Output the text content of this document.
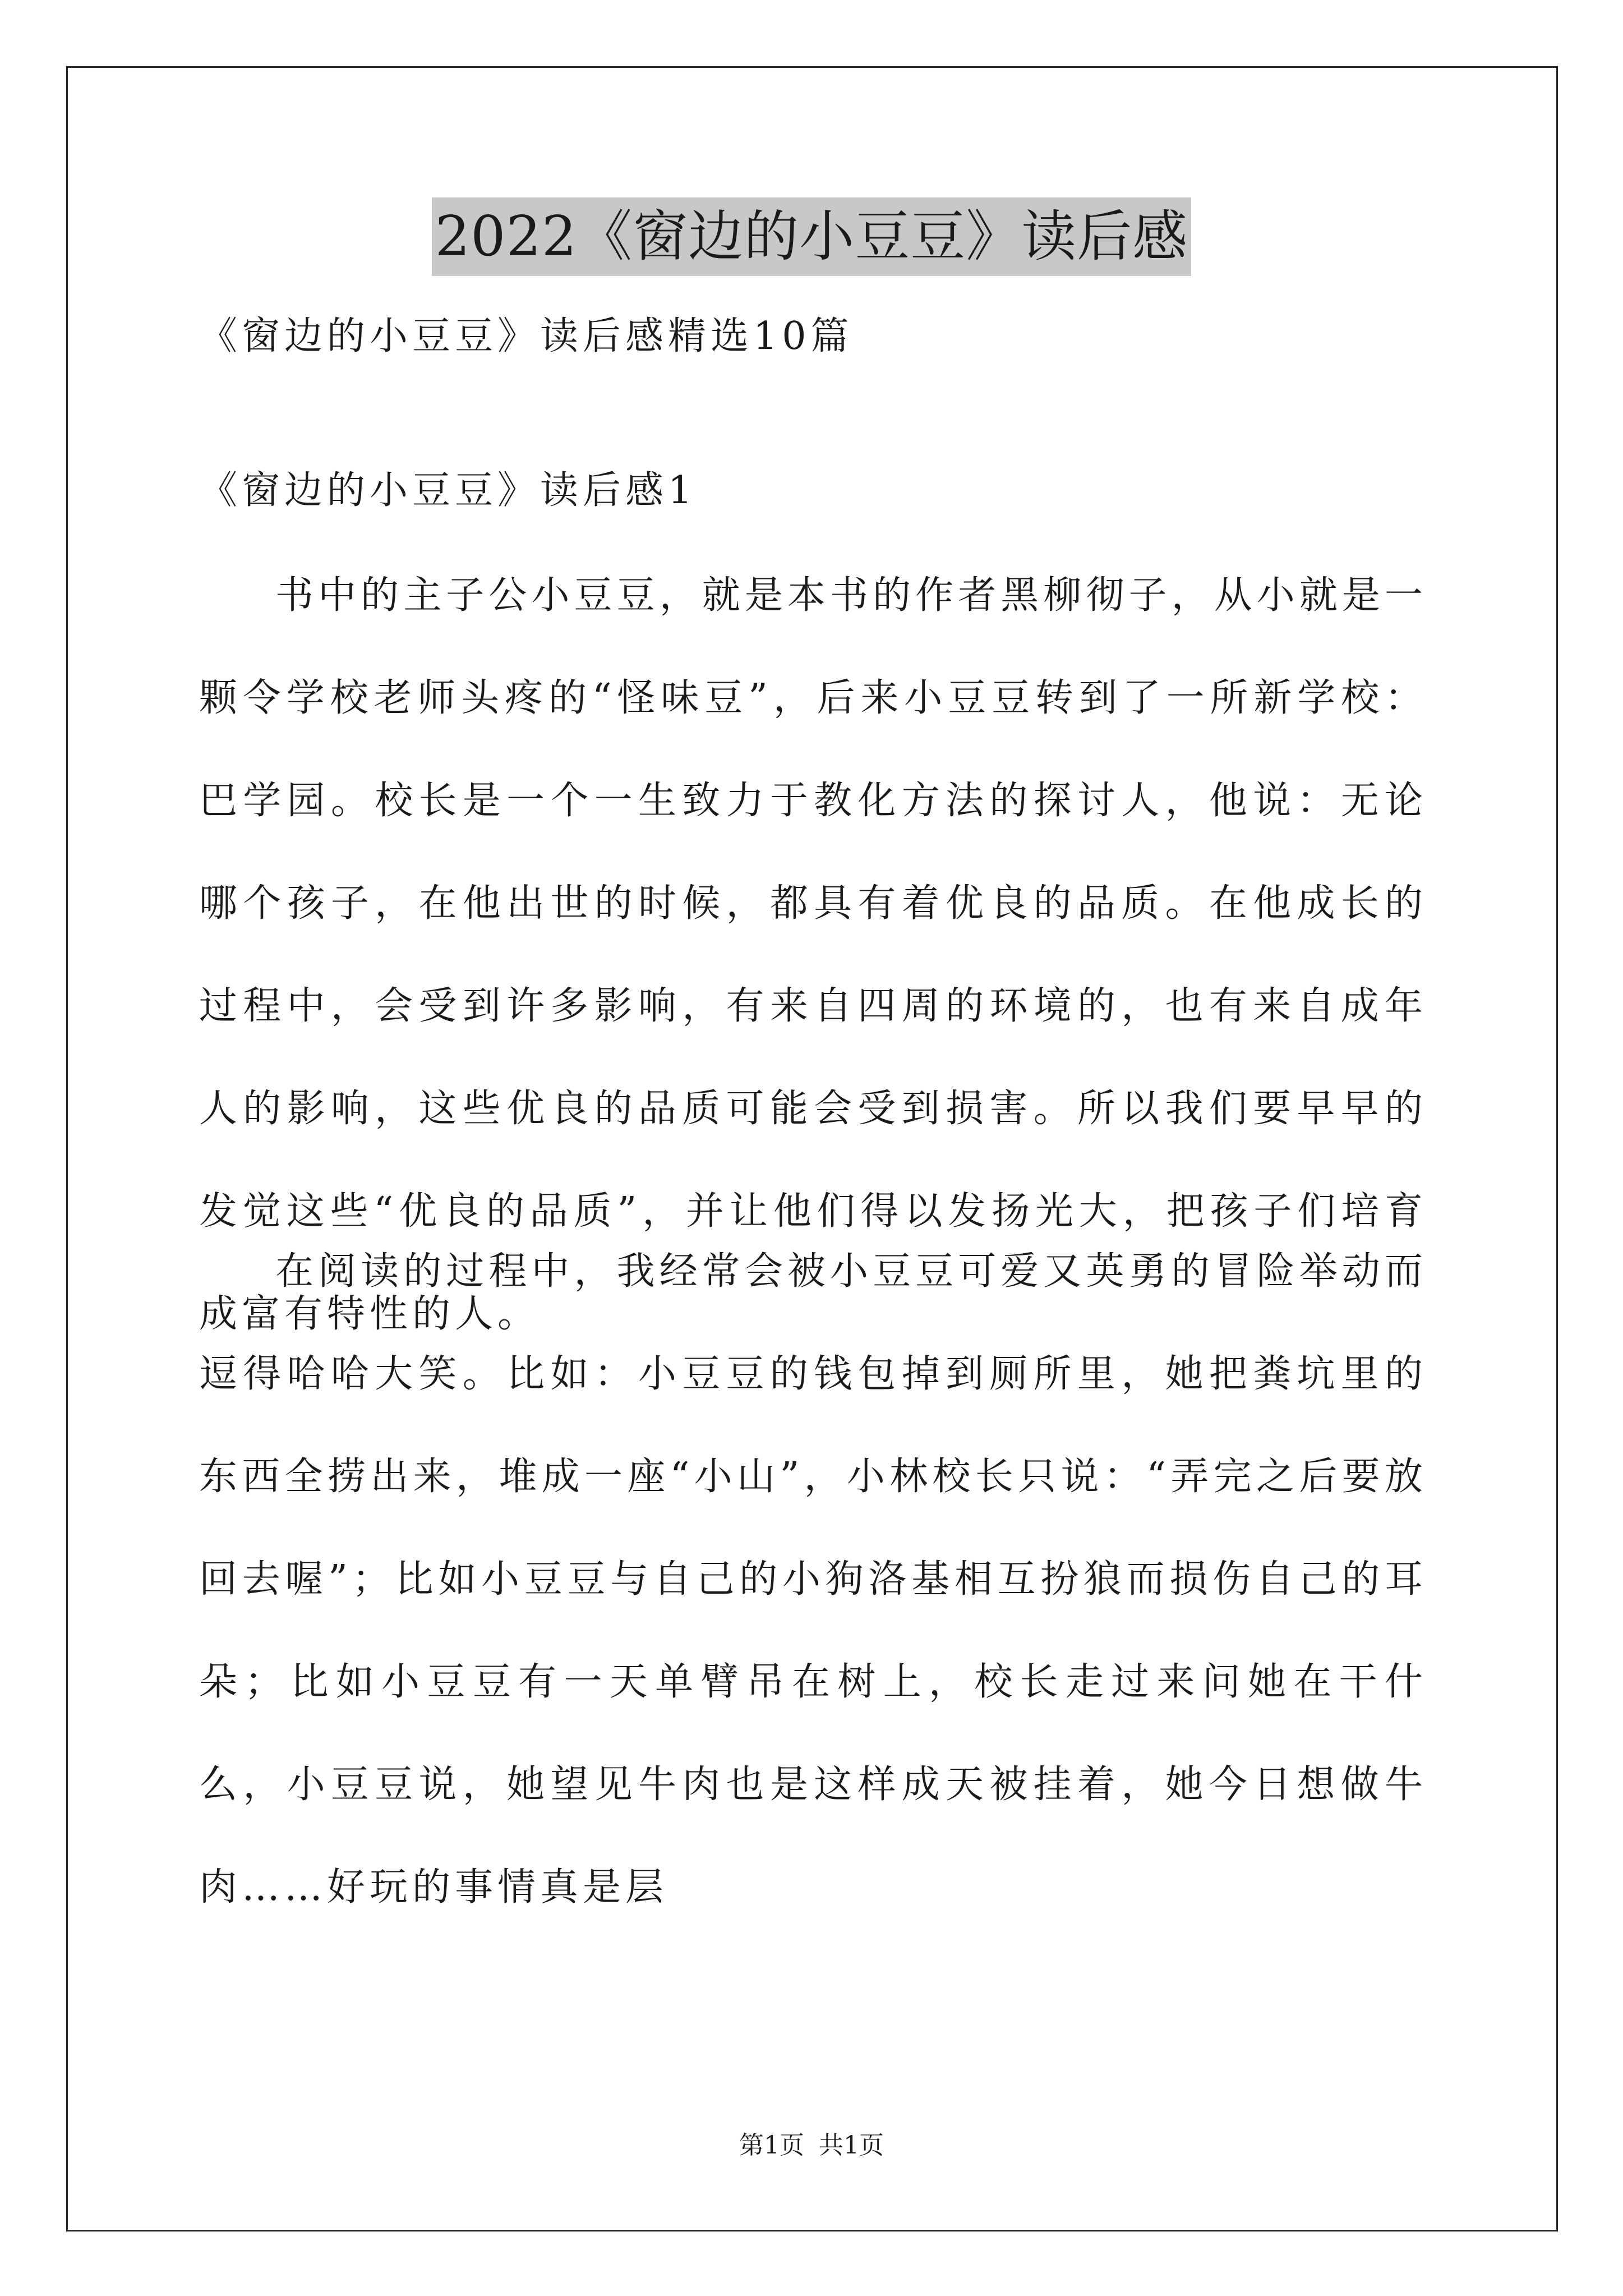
2022《窗边的小豆豆》读后感
《窗边的小豆豆》读后感精选10篇
《窗边的小豆豆》读后感1

书中的主子公小豆豆，就是本书的作者黑柳彻子，从小就是一颗令学校老师头疼的“怪味豆”，后来小豆豆转到了一所新学校：巴学园。校长是一个一生致力于教化方法的探讨人，他说：无论哪个孩子，在他出世的时候，都具有着优良的品质。在他成长的过程中，会受到许多影响，有来自四周的环境的，也有来自成年人的影响，这些优良的品质可能会受到损害。所以我们要早早的发觉这些“优良的品质”，并让他们得以发扬光大，把孩子们培育成富有特性的人。

在阅读的过程中，我经常会被小豆豆可爱又英勇的冒险举动而逗得哈哈大笑。比如：小豆豆的钱包掉到厕所里，她把粪坑里的东西全捞出来，堆成一座“小山”，小林校长只说：“弄完之后要放回去喔”；比如小豆豆与自己的小狗洛基相互扮狼而损伤自己的耳朵；比如小豆豆有一天单臂吊在树上，校长走过来问她在干什么，小豆豆说，她望见牛肉也是这样成天被挂着，她今日想做牛肉……好玩的事情真是层

第1页 共1页
